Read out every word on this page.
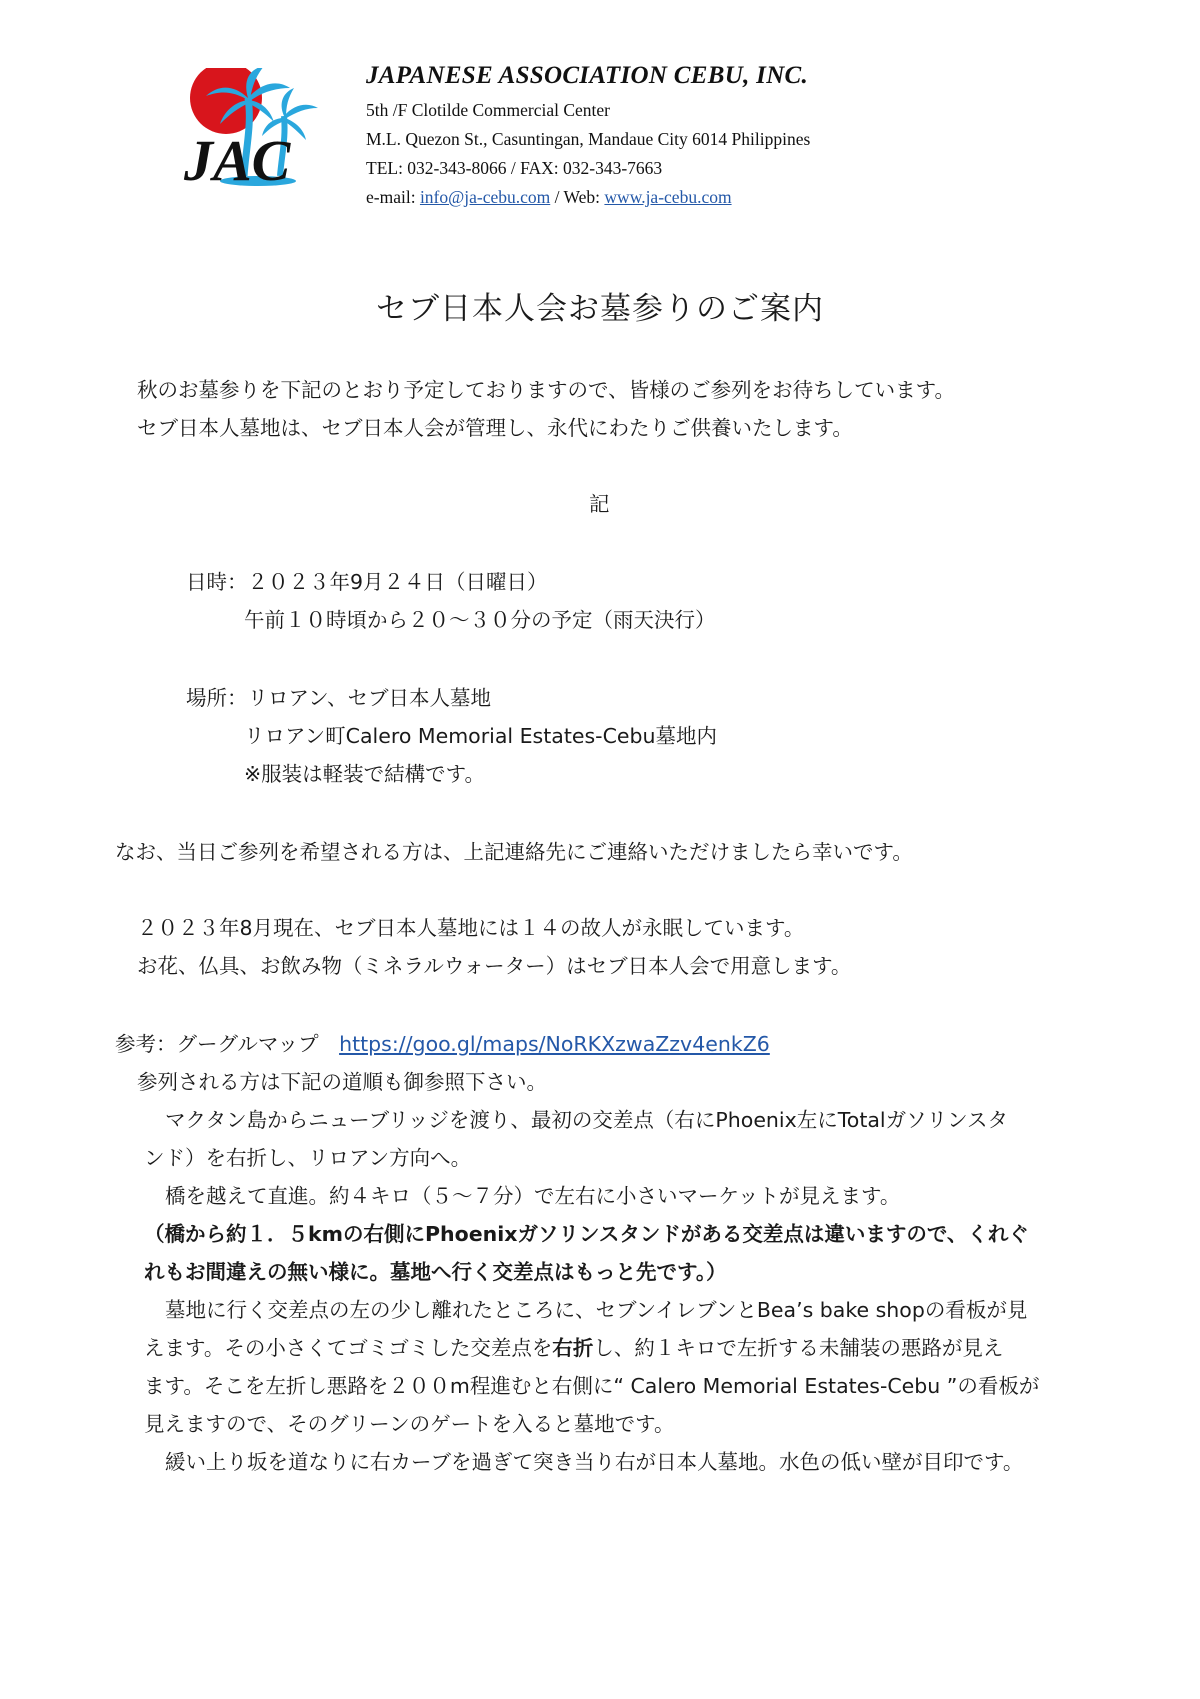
JAC
JAPANESE ASSOCIATION CEBU, INC.
5th /F Clotilde Commercial Center
M.L. Quezon St., Casuntingan, Mandaue City 6014 Philippines
TEL: 032-343-8066 / FAX: 032-343-7663
e-mail: info@ja-cebu.com / Web: www.ja-cebu.com
セブ日本人会お墓参りのご案内
秋のお墓参りを下記のとおり予定しておりますので、皆様のご参列をお待ちしています。
セブ日本人墓地は、セブ日本人会が管理し、永代にわたりご供養いたします。
記
日時：２０２３年9月２４日（日曜日）
午前１０時頃から２０～３０分の予定（雨天決行）
場所：リロアン、セブ日本人墓地
リロアン町Calero Memorial Estates-Cebu墓地内
※服装は軽装で結構です。
なお、当日ご参列を希望される方は、上記連絡先にご連絡いただけましたら幸いです。
２０２３年8月現在、セブ日本人墓地には１４の故人が永眠しています。
お花、仏具、お飲み物（ミネラルウォーター）はセブ日本人会で用意します。
参考：グーグルマップ　https://goo.gl/maps/NoRKXzwaZzv4enkZ6
参列される方は下記の道順も御参照下さい。
マクタン島からニューブリッジを渡り、最初の交差点（右にPhoenix左にTotalガソリンスタ
ンド）を右折し、リロアン方向へ。
橋を越えて直進。約４キロ（５～７分）で左右に小さいマーケットが見えます。
（橋から約１．５kmの右側にPhoenixガソリンスタンドがある交差点は違いますので、くれぐ
れもお間違えの無い様に。墓地へ行く交差点はもっと先です。）
墓地に行く交差点の左の少し離れたところに、セブンイレブンとBea’s bake shopの看板が見
えます。その小さくてゴミゴミした交差点を右折し、約１キロで左折する未舗装の悪路が見え
ます。そこを左折し悪路を２００m程進むと右側に“ Calero Memorial Estates-Cebu ”の看板が
見えますので、そのグリーンのゲートを入ると墓地です。
緩い上り坂を道なりに右カーブを過ぎて突き当り右が日本人墓地。水色の低い壁が目印です。
